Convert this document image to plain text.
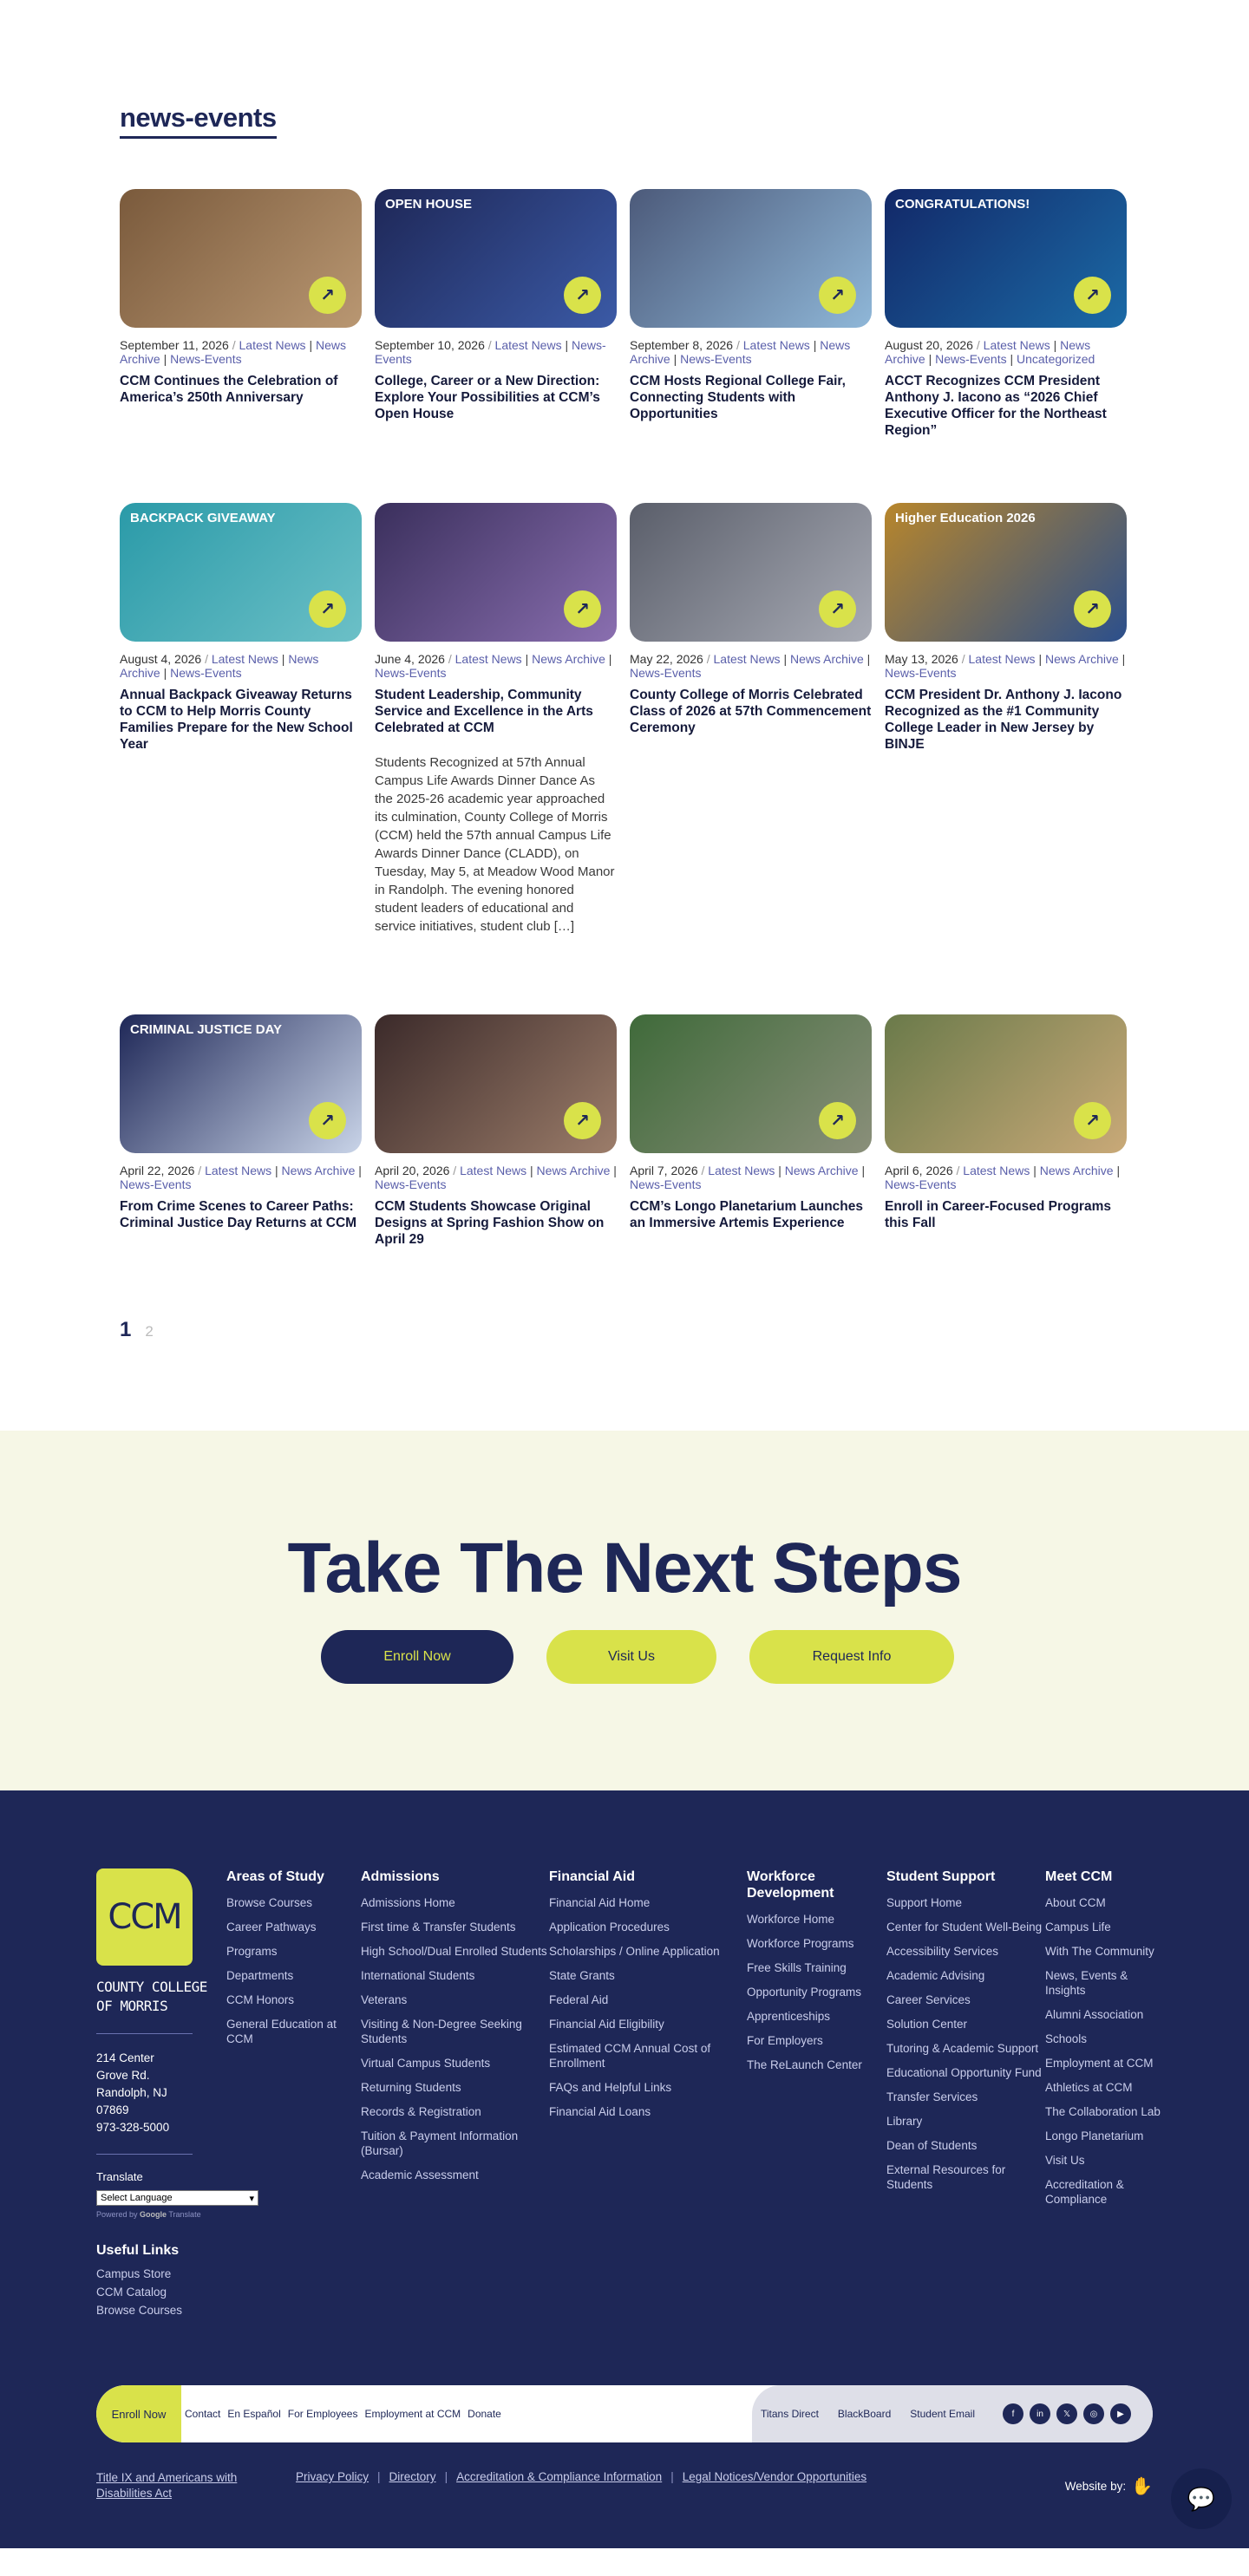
news-events
↗
September 11, 2026 / Latest News | News Archive | News-Events
CCM Continues the Celebration of America’s 250th Anniversary
OPEN HOUSE
↗
September 10, 2026 / Latest News | News-Events
College, Career or a New Direction: Explore Your Possibilities at CCM’s Open House
↗
September 8, 2026 / Latest News | News Archive | News-Events
CCM Hosts Regional College Fair, Connecting Students with Opportunities
CONGRATULATIONS!
↗
August 20, 2026 / Latest News | News Archive | News-Events | Uncategorized
ACCT Recognizes CCM President Anthony J. Iacono as “2026 Chief Executive Officer for the Northeast Region”
BACKPACK GIVEAWAY
↗
August 4, 2026 / Latest News | News Archive | News-Events
Annual Backpack Giveaway Returns to CCM to Help Morris County Families Prepare for the New School Year
↗
June 4, 2026 / Latest News | News Archive | News-Events
Student Leadership, Community Service and Excellence in the Arts Celebrated at CCM

Students Recognized at 57th Annual Campus Life Awards Dinner Dance As the 2025-26 academic year approached its culmination, County College of Morris (CCM) held the 57th annual Campus Life Awards Dinner Dance (CLADD), on Tuesday, May 5, at Meadow Wood Manor in Randolph. The evening honored student leaders of educational and service initiatives, student club […]

↗
May 22, 2026 / Latest News | News Archive | News-Events
County College of Morris Celebrated Class of 2026 at 57th Commencement Ceremony
Higher Education 2026
↗
May 13, 2026 / Latest News | News Archive | News-Events
CCM President Dr. Anthony J. Iacono Recognized as the #1 Community College Leader in New Jersey by BINJE
CRIMINAL JUSTICE DAY
↗
April 22, 2026 / Latest News | News Archive | News-Events
From Crime Scenes to Career Paths: Criminal Justice Day Returns at CCM
↗
April 20, 2026 / Latest News | News Archive | News-Events
CCM Students Showcase Original Designs at Spring Fashion Show on April 29
↗
April 7, 2026 / Latest News | News Archive | News-Events
CCM’s Longo Planetarium Launches an Immersive Artemis Experience
↗
April 6, 2026 / Latest News | News Archive | News-Events
Enroll in Career-Focused Programs this Fall
1 2
Take The Next Steps
Enroll Now	Visit Us	Request Info
CCM
COUNTY COLLEGE
OF MORRIS
214 Center
Grove Rd.
Randolph, NJ
07869
973-328-5000
Translate
Select Language	▾
Powered by Google Translate
Areas of Study
Browse Courses
Career Pathways
Programs
Departments
CCM Honors
General Education at CCM
Admissions
Admissions Home
First time & Transfer Students
High School/Dual Enrolled Students
International Students
Veterans
Visiting & Non-Degree Seeking Students
Virtual Campus Students
Returning Students
Records & Registration
Tuition & Payment Information (Bursar)
Academic Assessment
Financial Aid
Financial Aid Home
Application Procedures
Scholarships / Online Application
State Grants
Federal Aid
Financial Aid Eligibility
Estimated CCM Annual Cost of Enrollment
FAQs and Helpful Links
Financial Aid Loans
Workforce Development
Workforce Home
Workforce Programs
Free Skills Training
Opportunity Programs
Apprenticeships
For Employers
The ReLaunch Center
Student Support
Support Home
Center for Student Well-Being
Accessibility Services
Academic Advising
Career Services
Solution Center
Tutoring & Academic Support
Educational Opportunity Fund
Transfer Services
Library
Dean of Students
External Resources for Students
Meet CCM
About CCM
Campus Life
With The Community
News, Events & Insights
Alumni Association
Schools
Employment at CCM
Athletics at CCM
The Collaboration Lab
Longo Planetarium
Visit Us
Accreditation & Compliance
Useful Links
Campus Store
CCM Catalog
Browse Courses
Enroll Now	Contact En Español For Employees Employment at CCM Donate	Titans Direct BlackBoard Student Email	f	in	𝕏	◎	▶
Title IX and Americans with Disabilities Act
Privacy Policy | Directory | Accreditation & Compliance Information | Legal Notices/Vendor Opportunities
Website by: ✋	💬
